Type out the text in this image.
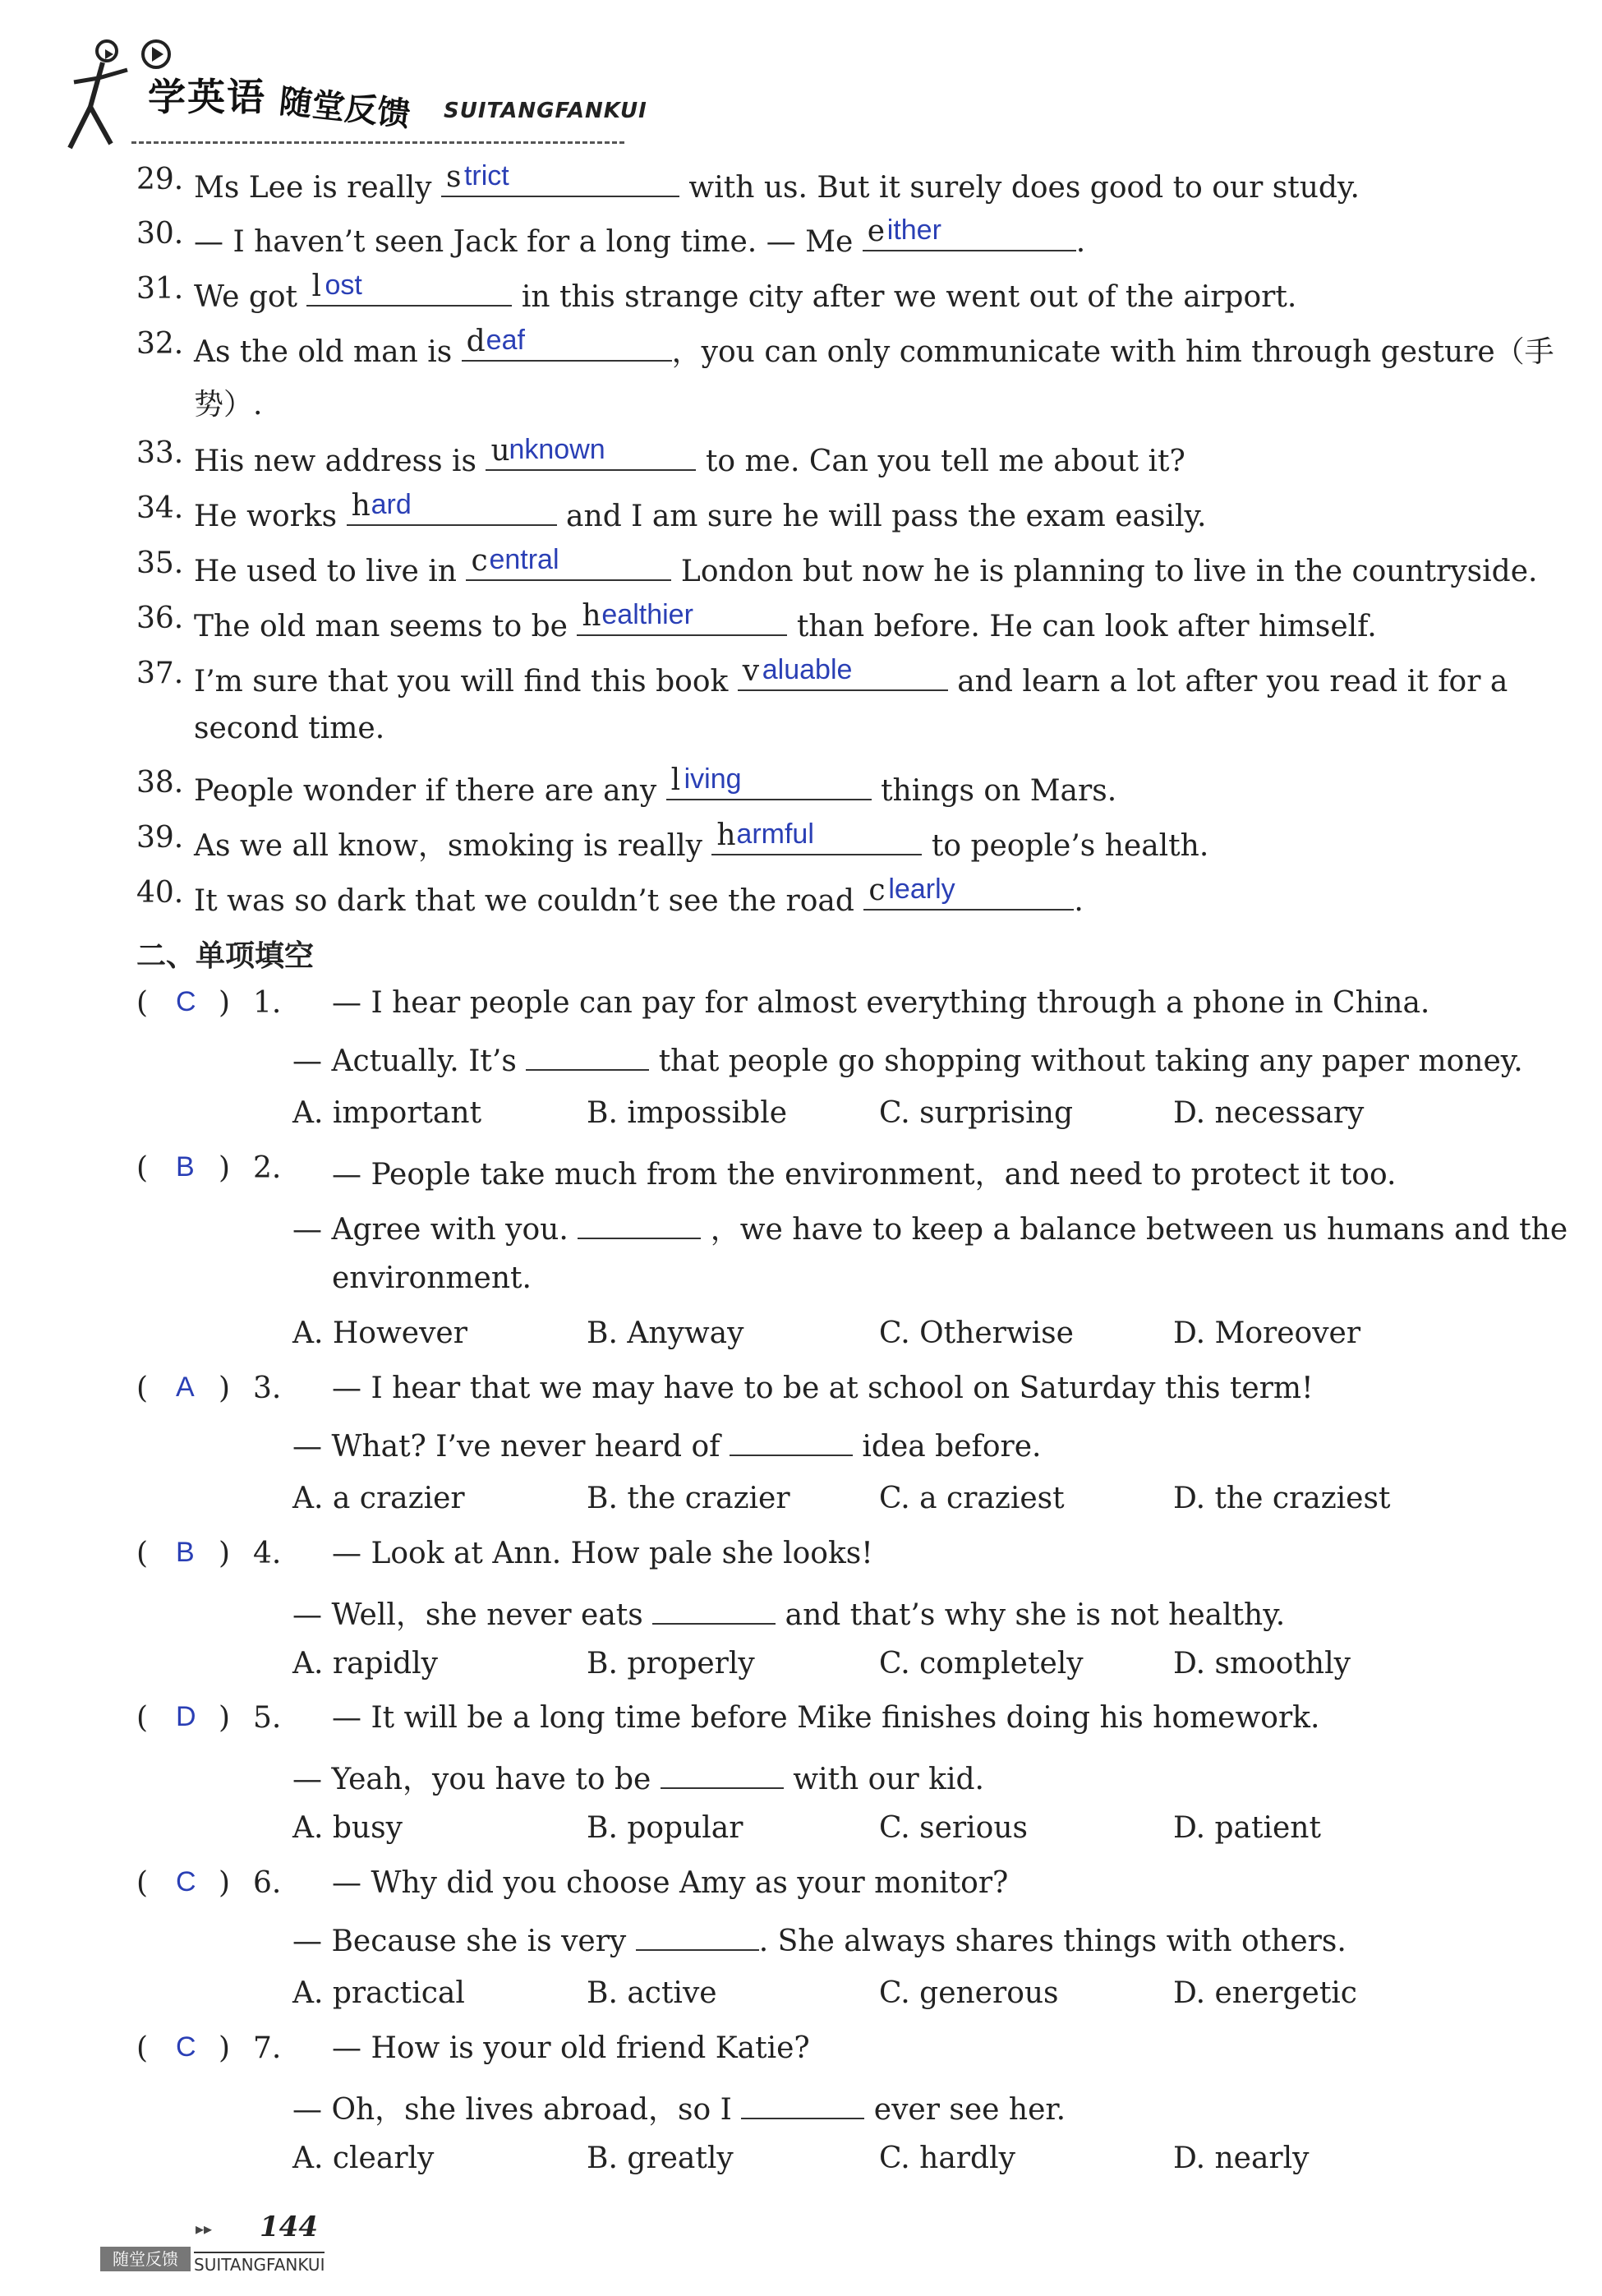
学英语 随堂反馈 SUITANGFANKUI
29. Ms Lee is really s trict	with us. But it surely does good to our study.
30. — I haven’t seen Jack for a long time. — Me e ither	.
31. We got l ost	in this strange city after we went out of the airport.
32. As the old man is d eaf	，you can only communicate with him through gesture（手
势）.
33. His new address is u
nknown	to me. Can you tell me about it?
34. He works h ard	and I am sure he will pass the exam easily.
35. He used to live in c entral	London but now he is planning to live in the countryside.
36. The old man seems to be h ealthier	than before. He can look after himself.
37. I’m sure that you will find this book v aluable	and learn a lot after you read it for a
second time.
38. People wonder if there are any l iving	things on Mars.
39. As we all know，smoking is really h armful	to people’s health.
40. It was so dark that we couldn’t see the road c learly	.
二、单项填空
( C ) 1. — I hear people can pay for almost everything through a phone in China.
— Actually. It’s	that people go shopping without taking any paper money.
A. important	B. impossible	C. surprising	D. necessary
( B ) 2. — People take much from the environment，and need to protect it too.
— Agree with you.	，we have to keep a balance between us humans and the
environment.
A. However	B. Anyway	C. Otherwise	D. Moreover
( A ) 3. — I hear that we may have to be at school on Saturday this term!
— What? I’ve never heard of	idea before.
A. a crazier	B. the crazier	C. a craziest	D. the craziest
( B ) 4. — Look at Ann. How pale she looks!
— Well，she never eats	and that’s why she is not healthy.
A. rapidly	B. properly	C. completely	D. smoothly
( D ) 5. — It will be a long time before Mike finishes doing his homework.
— Yeah，you have to be	with our kid.
A. busy	B. popular	C. serious	D. patient
( C ) 6. — Why did you choose Amy as your monitor?
— Because she is very	. She always shares things with others.
A. practical	B. active	C. generous	D. energetic
( C ) 7. — How is your old friend Katie?
— Oh，she lives abroad，so I	ever see her.
A. clearly	B. greatly	C. hardly	D. nearly
▸▸ 144
随堂反馈 SUITANGFANKUI
